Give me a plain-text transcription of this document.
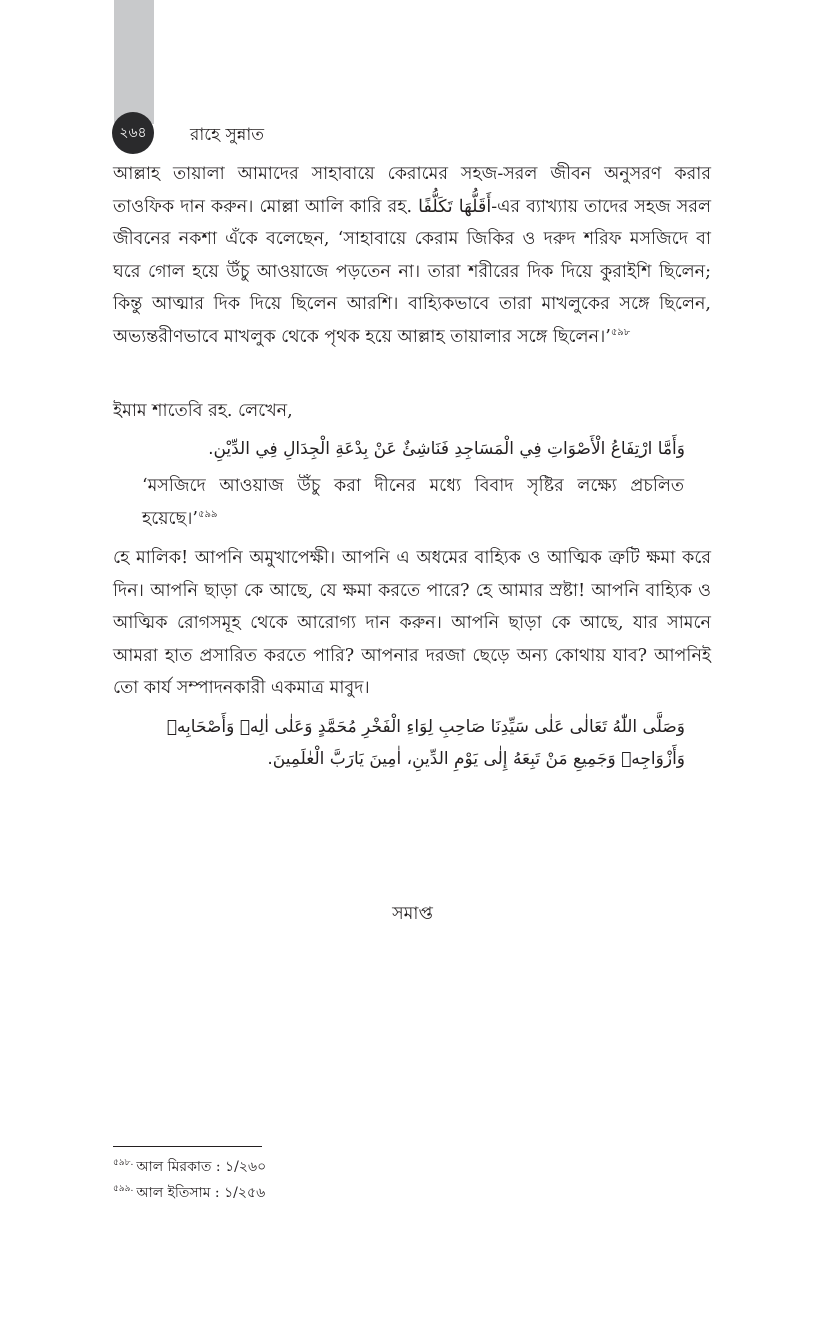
২৬৪	রাহে সুন্নাত
আল্লাহ তায়ালা আমাদের সাহাবায়ে কেরামের সহজ-সরল জীবন অনুসরণ করার তাওফিক দান করুন। মোল্লা আলি কারি রহ. أَقَلُّهَا تَكَلُّفًا-এর ব্যাখ্যায় তাদের সহজ সরল জীবনের নকশা এঁকে বলেছেন, ‘সাহাবায়ে কেরাম জিকির ও দরুদ শরিফ মসজিদে বা ঘরে গোল হয়ে উঁচু আওয়াজে পড়তেন না। তারা শরীরের দিক দিয়ে কুরাইশি ছিলেন; কিন্তু আত্মার দিক দিয়ে ছিলেন আরশি। বাহ্যিকভাবে তারা মাখলুকের সঙ্গে ছিলেন, অভ্যন্তরীণভাবে মাখলুক থেকে পৃথক হয়ে আল্লাহ তায়ালার সঙ্গে ছিলেন।’$^{৫৯৮}$
ইমাম শাতেবি রহ. লেখেন,
وَأَمَّا ارْتِفَاعُ الْأَصْوَاتِ فِي الْمَسَاجِدِ فَنَاشِئٌ عَنْ بِدْعَةِ الْجِدَالِ فِي الدِّيْنِ.
‘মসজিদে আওয়াজ উঁচু করা দীনের মধ্যে বিবাদ সৃষ্টির লক্ষ্যে প্রচলিত হয়েছে।’$^{৫৯৯}$
হে মালিক! আপনি অমুখাপেক্ষী। আপনি এ অধমের বাহ্যিক ও আত্মিক ত্রুটি ক্ষমা করে দিন। আপনি ছাড়া কে আছে, যে ক্ষমা করতে পারে? হে আমার স্রষ্টা! আপনি বাহ্যিক ও আত্মিক রোগসমূহ থেকে আরোগ্য দান করুন। আপনি ছাড়া কে আছে, যার সামনে আমরা হাত প্রসারিত করতে পারি? আপনার দরজা ছেড়ে অন্য কোথায় যাব? আপনিই তো কার্য সম্পাদনকারী একমাত্র মাবুদ।
وَصَلَّى اللّٰهُ تَعَالٰى عَلٰى سَيِّدِنَا صَاحِبِ لِوَاءِ الْفَخْرِ مُحَمَّدٍ وَعَلٰى اٰلِهٖ وَأَصْحَابِهٖ وَأَزْوَاجِهٖ وَجَمِيعِ مَنْ تَبِعَهُ إِلٰى يَوْمِ الدِّينِ، اٰمِينَ يَارَبَّ الْعٰلَمِينَ.
সমাপ্ত
$^{৫৯৮.}$ আল মিরকাত : ১/২৬০
$^{৫৯৯.}$ আল ইতিসাম : ১/২৫৬
